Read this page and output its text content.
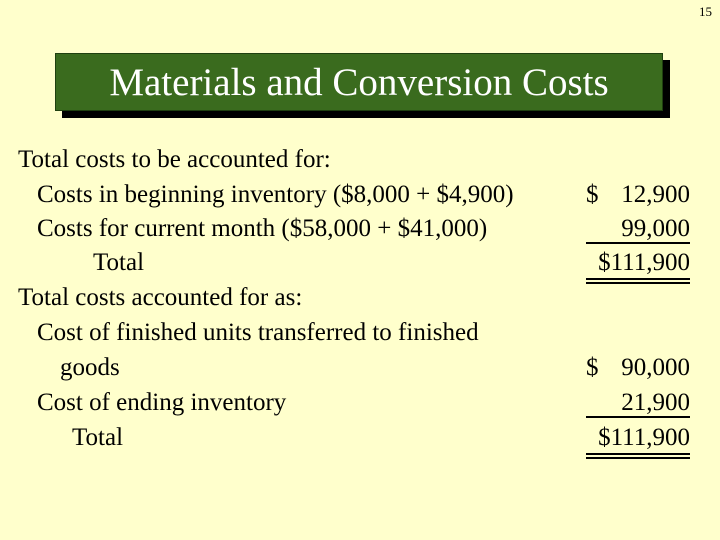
15
Materials and Conversion Costs
Total costs to be accounted for:
Costs in beginning inventory ($8,000 + $4,900)
Costs for current month ($58,000 + $41,000)
Total
Total costs accounted for as:
Cost of finished units transferred to finished
goods
Cost of ending inventory
Total
$ 12,900
99,000
$111,900
$ 90,000
21,900
$111,900
